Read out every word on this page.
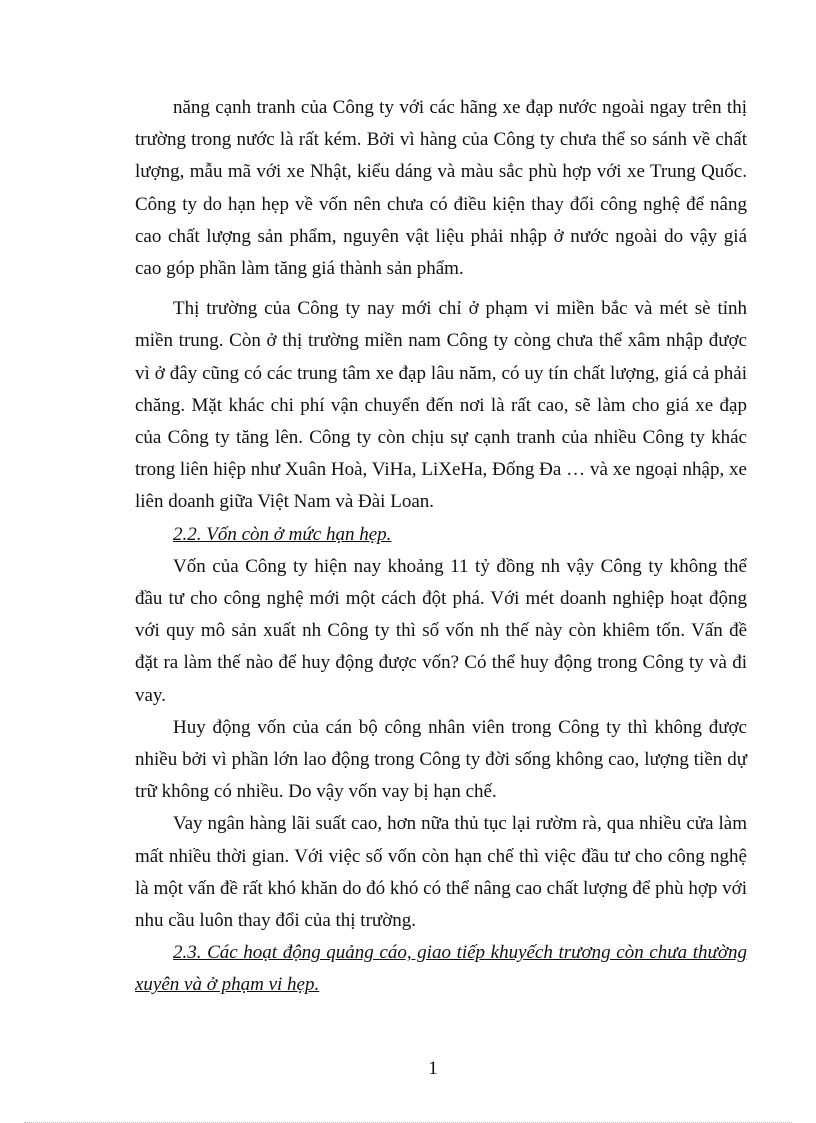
năng cạnh tranh của Công ty với các hãng xe đạp nước ngoài ngay trên thị trường trong nước là rất kém. Bởi vì hàng của Công ty chưa thể so sánh về chất lượng, mẫu mã với xe Nhật, kiểu dáng và màu sắc phù hợp với xe Trung Quốc. Công ty do hạn hẹp về vốn nên chưa có điều kiện thay đổi công nghệ để nâng cao chất lượng sản phẩm, nguyên vật liệu phải nhập ở nước ngoài do vậy giá cao góp phần làm tăng giá thành sản phẩm.

Thị trường của Công ty nay mới chỉ ở phạm vi miền bắc và mét sè tỉnh miền trung. Còn ở thị trường miền nam Công ty còng chưa thể xâm nhập được vì ở đây cũng có các trung tâm xe đạp lâu năm, có uy tín chất lượng, giá cả phải chăng. Mặt khác chi phí vận chuyển đến nơi là rất cao, sẽ làm cho giá xe đạp của Công ty tăng lên. Công ty còn chịu sự cạnh tranh của nhiều Công ty khác trong liên hiệp như Xuân Hoà, ViHa, LiXeHa, Đống Đa … và xe ngoại nhập, xe liên doanh giữa Việt Nam và Đài Loan.

2.2. Vốn còn ở mức hạn hẹp.

Vốn của Công ty hiện nay khoảng 11 tỷ đồng nh vậy Công ty không thể đầu tư cho công nghệ mới một cách đột phá. Với mét doanh nghiệp hoạt động với quy mô sản xuất nh Công ty thì số vốn nh thế này còn khiêm tốn. Vấn đề đặt ra làm thế nào để huy động được vốn? Có thể huy động trong Công ty và đi vay.

Huy động vốn của cán bộ công nhân viên trong Công ty thì không được nhiều bởi vì phần lớn lao động trong Công ty đời sống không cao, lượng tiền dự trữ không có nhiều. Do vậy vốn vay bị hạn chế.

Vay ngân hàng lãi suất cao, hơn nữa thủ tục lại rườm rà, qua nhiều cửa làm mất nhiều thời gian. Với việc số vốn còn hạn chế thì việc đầu tư cho công nghệ là một vấn đề rất khó khăn do đó khó có thể nâng cao chất lượng để phù hợp với nhu cầu luôn thay đổi của thị trường.

2.3. Các hoạt động quảng cáo, giao tiếp khuyếch trương còn chưa thường xuyên và ở phạm vi hẹp.

1
